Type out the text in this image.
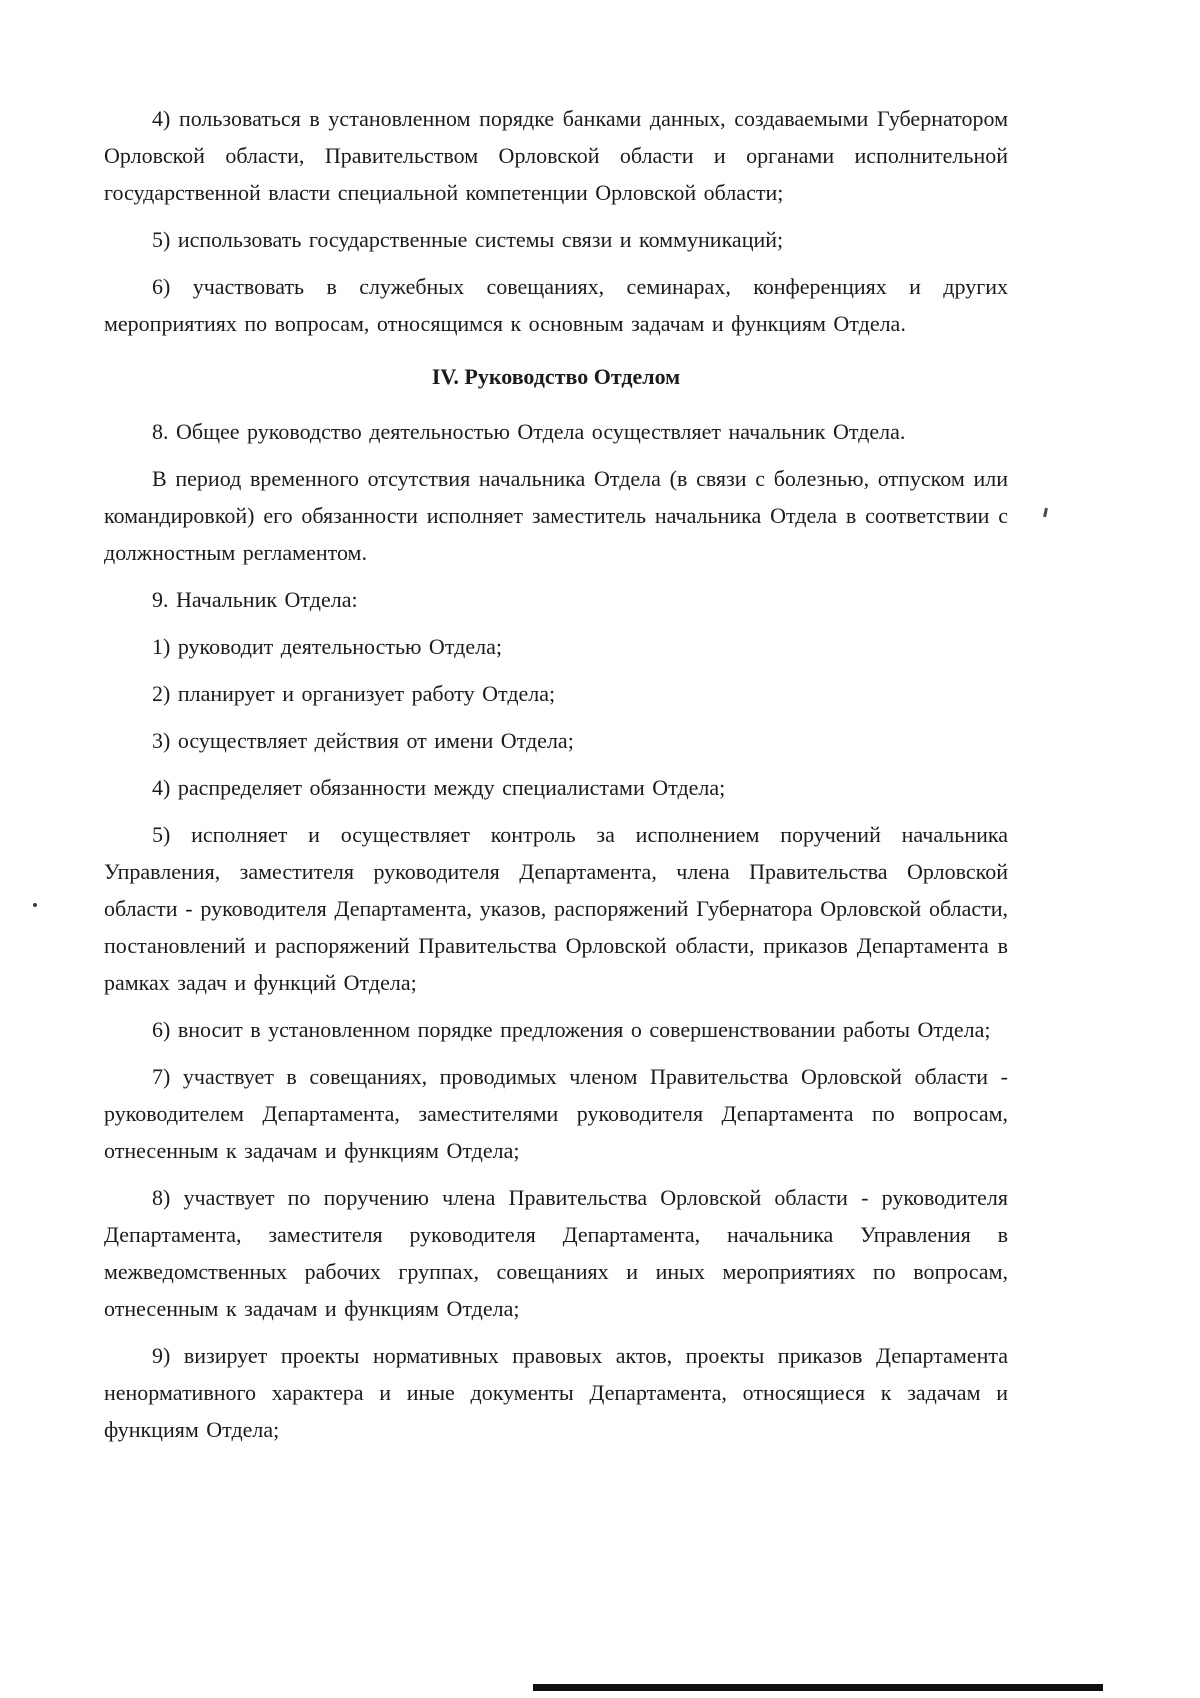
4) пользоваться в установленном порядке банками данных, создаваемыми Губернатором Орловской области, Правительством Орловской области и органами исполнительной государственной власти специальной компетенции Орловской области;

5) использовать государственные системы связи и коммуникаций;

6) участвовать в служебных совещаниях, семинарах, конференциях и других мероприятиях по вопросам, относящимся к основным задачам и функциям Отдела.

IV. Руководство Отделом

8. Общее руководство деятельностью Отдела осуществляет начальник Отдела.

В период временного отсутствия начальника Отдела (в связи с болезнью, отпуском или командировкой) его обязанности исполняет заместитель начальника Отдела в соответствии с должностным регламентом.

9. Начальник Отдела:

1) руководит деятельностью Отдела;

2) планирует и организует работу Отдела;

3) осуществляет действия от имени Отдела;

4) распределяет обязанности между специалистами Отдела;

5) исполняет и осуществляет контроль за исполнением поручений начальника Управления, заместителя руководителя Департамента, члена Правительства Орловской области - руководителя Департамента, указов, распоряжений Губернатора Орловской области, постановлений и распоряжений Правительства Орловской области, приказов Департамента в рамках задач и функций Отдела;

6) вносит в установленном порядке предложения о совершенствовании работы Отдела;

7) участвует в совещаниях, проводимых членом Правительства Орловской области - руководителем Департамента, заместителями руководителя Департамента по вопросам, отнесенным к задачам и функциям Отдела;

8) участвует по поручению члена Правительства Орловской области - руководителя Департамента, заместителя руководителя Департамента, начальника Управления в межведомственных рабочих группах, совещаниях и иных мероприятиях по вопросам, отнесенным к задачам и функциям Отдела;

9) визирует проекты нормативных правовых актов, проекты приказов Департамента ненормативного характера и иные документы Департамента, относящиеся к задачам и функциям Отдела;
